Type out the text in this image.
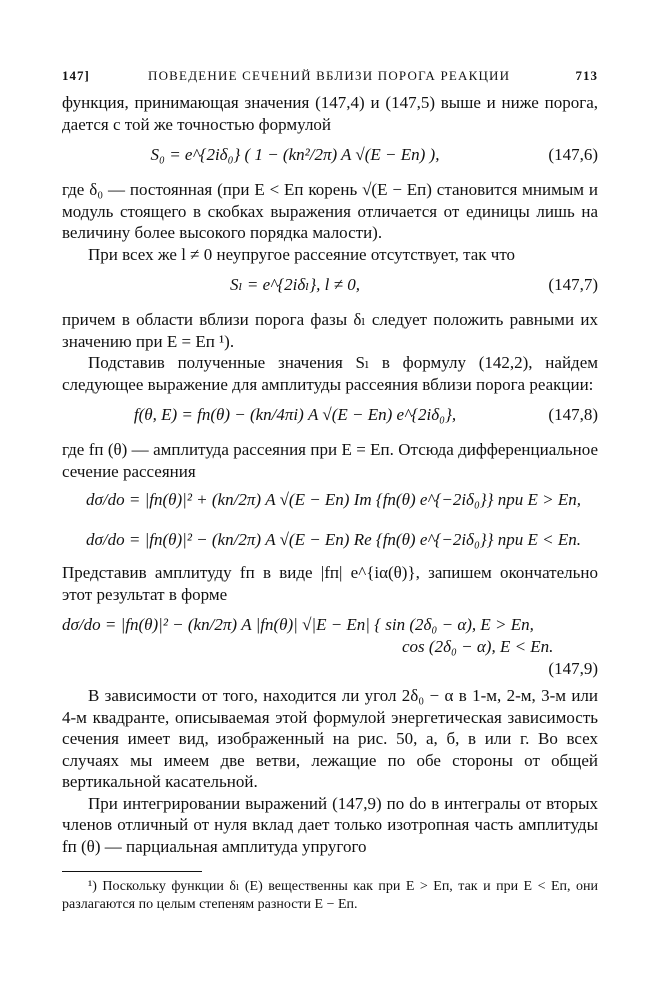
147]	ПОВЕДЕНИЕ СЕЧЕНИЙ ВБЛИЗИ ПОРОГА РЕАКЦИИ	713

функция, принимающая значения (147,4) и (147,5) выше и ниже порога, дается с той же точностью формулой

S₀ = e^{2iδ₀} ( 1 − (kп²/2π) A √(E − Eп) ),	(147,6)

где δ₀ — постоянная (при E < Eп корень √(E − Eп) становится мнимым и модуль стоящего в скобках выражения отличается от единицы лишь на величину более высокого порядка малости).

При всех же l ≠ 0 неупругое рассеяние отсутствует, так что

Sₗ = e^{2iδₗ}, l ≠ 0,	(147,7)

причем в области вблизи порога фазы δₗ следует положить равными их значению при E = Eп ¹).

Подставив полученные значения Sₗ в формулу (142,2), найдем следующее выражение для амплитуды рассеяния вблизи порога реакции:

f(θ, E) = fп(θ) − (kп/4πi) A √(E − Eп) e^{2iδ₀},	(147,8)

где fп (θ) — амплитуда рассеяния при E = Eп. Отсюда дифференциальное сечение рассеяния

dσ/do = |fп(θ)|² + (kп/2π) A √(E − Eп) Im {fп(θ) e^{−2iδ₀}} при E > Eп,
dσ/do = |fп(θ)|² − (kп/2π) A √(E − Eп) Re {fп(θ) e^{−2iδ₀}} при E < Eп.

Представив амплитуду fп в виде |fп| e^{iα(θ)}, запишем окончательно этот результат в форме

dσ/do = |fп(θ)|² − (kп/2π) A |fп(θ)| √|E − Eп| { sin (2δ₀ − α), E > Eп,
cos (2δ₀ − α), E < Eп.
(147,9)

В зависимости от того, находится ли угол 2δ₀ − α в 1-м, 2-м, 3-м или 4-м квадранте, описываемая этой формулой энергетическая зависимость сечения имеет вид, изображенный на рис. 50, а, б, в или г. Во всех случаях мы имеем две ветви, лежащие по обе стороны от общей вертикальной касательной.

При интегрировании выражений (147,9) по do в интегралы от вторых членов отличный от нуля вклад дает только изотропная часть амплитуды fп (θ) — парциальная амплитуда упругого

¹) Поскольку функции δₗ (E) вещественны как при E > Eп, так и при E < Eп, они разлагаются по целым степеням разности E − Eп.
